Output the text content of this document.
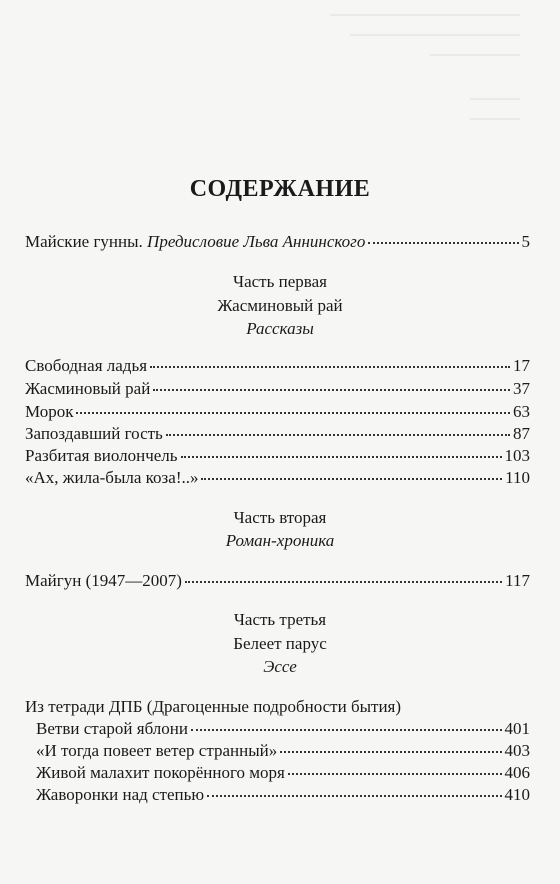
СОДЕРЖАНИЕ
Майские гунны. Предисловие Льва Аннинского	5
Часть первая
Жасминовый рай
Рассказы
Свободная ладья	17
Жасминовый рай	37
Морок	63
Запоздавший гость	87
Разбитая виолончель	103
«Ах, жила-была коза!..»	110
Часть вторая
Роман-хроника
Майгун (1947—2007)	117
Часть третья
Белеет парус
Эссе
Из тетради ДПБ (Драгоценные подробности бытия)
Ветви старой яблони	401
«И тогда повеет ветер странный»	403
Живой малахит покорённого моря	406
Жаворонки над степью	410
